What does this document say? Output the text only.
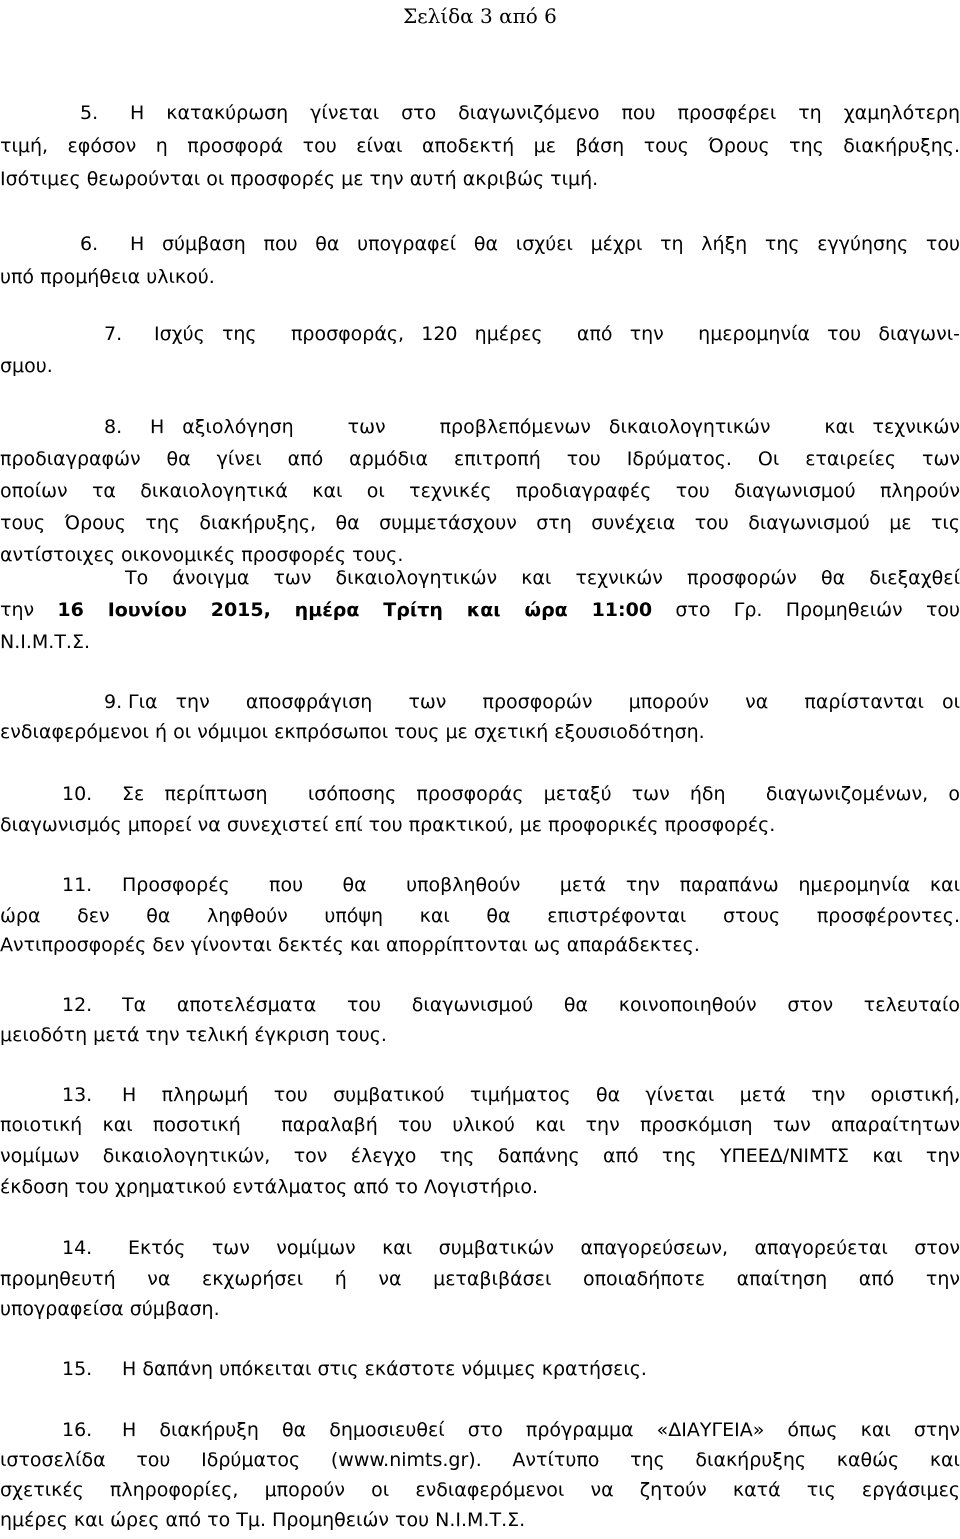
Σελίδα 3 από 6
5. Η κατακύρωση γίνεται στο διαγωνιζόμενο που προσφέρει τη χαμηλότερη
τιμή, εφόσον η προσφορά του είναι αποδεκτή με βάση τους Όρους της διακήρυξης.
Ισότιμες θεωρούνται οι προσφορές με την αυτή ακριβώς τιμή.
6. Η σύμβαση που θα υπογραφεί θα ισχύει μέχρι τη λήξη της εγγύησης του
υπό προμήθεια υλικού.
7. Ισχύς της  προσφοράς, 120 ημέρες  από την  ημερομηνία του διαγωνι-
σμου.
8. Η αξιολόγηση   των   προβλεπόμενων δικαιολογητικών   και τεχνικών
προδιαγραφών θα γίνει από αρμόδια επιτροπή του Ιδρύματος. Οι εταιρείες των
οποίων τα δικαιολογητικά και οι τεχνικές προδιαγραφές του διαγωνισμού πληρούν
τους Όρους της διακήρυξης, θα συμμετάσχουν στη συνέχεια του διαγωνισμού με τις
αντίστοιχες οικονομικές προσφορές τους.
Το άνοιγμα των δικαιολογητικών και τεχνικών προσφορών θα διεξαχθεί
την 16 Ιουνίου 2015, ημέρα Τρίτη και ώρα 11:00 στο Γρ. Προμηθειών του
Ν.Ι.Μ.Τ.Σ.
9. Για την  αποσφράγιση  των  προσφορών  μπορούν  να  παρίστανται οι
ενδιαφερόμενοι ή οι νόμιμοι εκπρόσωποι τους με σχετική εξουσιοδότηση.
10. Σε περίπτωση  ισόποσης προσφοράς μεταξύ των ήδη  διαγωνιζομένων, ο
διαγωνισμός μπορεί να συνεχιστεί επί του πρακτικού, με προφορικές προσφορές.
11. Προσφορές  που  θα  υποβληθούν  μετά την παραπάνω ημερομηνία και
ώρα  δεν  θα  ληφθούν  υπόψη  και  θα  επιστρέφονται  στους  προσφέροντες.
Αντιπροσφορές δεν γίνονται δεκτές και απορρίπτονται ως απαράδεκτες.
12. Τα αποτελέσματα του διαγωνισμού θα κοινοποιηθούν στον τελευταίο
μειοδότη μετά την τελική έγκριση τους.
13. Η πληρωμή του συμβατικού τιμήματος θα γίνεται μετά την οριστική,
ποιοτική και ποσοτική  παραλαβή του υλικού και την προσκόμιση των απαραίτητων
νομίμων δικαιολογητικών, τον έλεγχο της δαπάνης από της ΥΠΕΕΔ/ΝΙΜΤΣ και την
έκδοση του χρηματικού εντάλματος από το Λογιστήριο.
14. Εκτός των νομίμων και συμβατικών απαγορεύσεων, απαγορεύεται στον
προμηθευτή να εκχωρήσει ή να μεταβιβάσει οποιαδήποτε απαίτηση από την
υπογραφείσα σύμβαση.
15. Η δαπάνη υπόκειται στις εκάστοτε νόμιμες κρατήσεις.
16. Η διακήρυξη θα δημοσιευθεί στο πρόγραμμα «ΔΙΑΥΓΕΙΑ» όπως και στην
ιστοσελίδα του Ιδρύματος (www.nimts.gr). Αντίτυπο της διακήρυξης καθώς και
σχετικές πληροφορίες, μπορούν οι ενδιαφερόμενοι να ζητούν κατά τις εργάσιμες
ημέρες και ώρες από το Τμ. Προμηθειών του Ν.Ι.Μ.Τ.Σ.
